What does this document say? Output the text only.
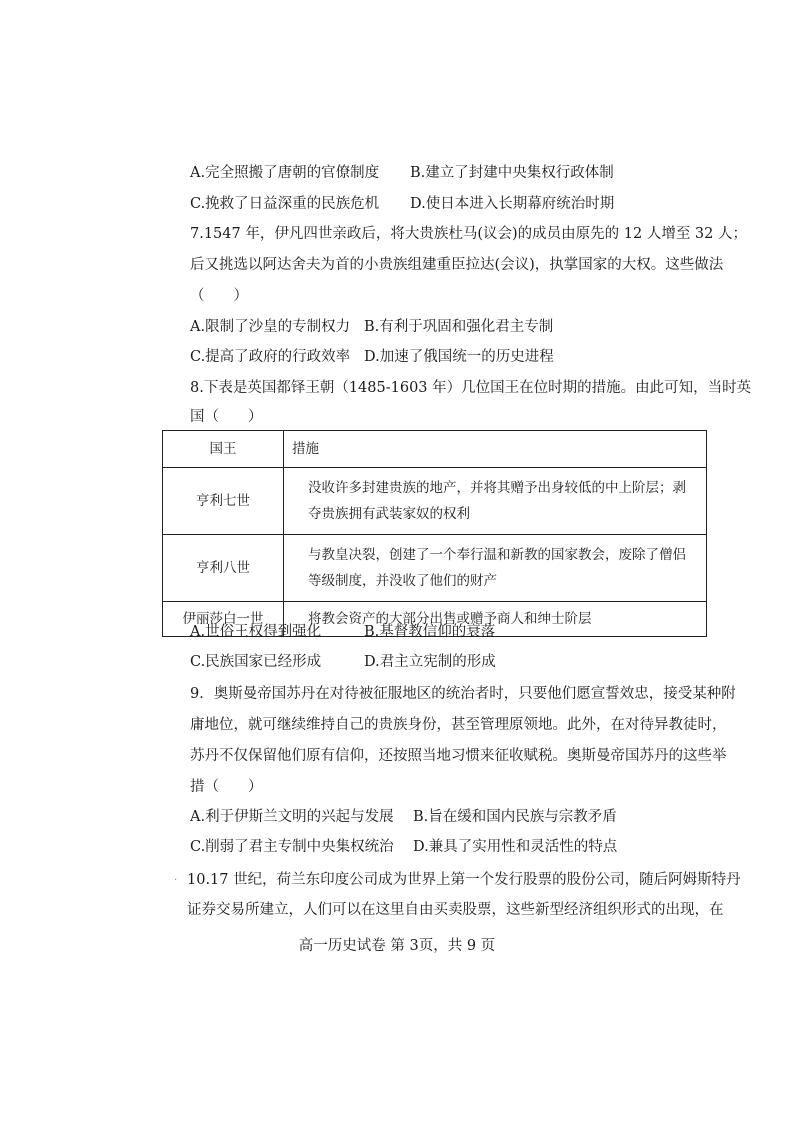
A.完全照搬了唐朝的官僚制度 B.建立了封建中央集权行政体制
C.挽救了日益深重的民族危机 D.使日本进入长期幕府统治时期
7.1547 年，伊凡四世亲政后，将大贵族杜马(议会)的成员由原先的 12 人增至 32 人；
后又挑选以阿达舍夫为首的小贵族组建重臣拉达(会议)，执掌国家的大权。这些做法
（　　）
A.限制了沙皇的专制权力 B.有利于巩固和强化君主专制
C.提高了政府的行政效率 D.加速了俄国统一的历史进程
8.下表是英国都铎王朝（1485-1603 年）几位国王在位时期的措施。由此可知，当时英
国（　　）
国王	措施
亨利七世	没收许多封建贵族的地产，并将其赠予出身较低的中上阶层；剥夺贵族拥有武装家奴的权利
亨利八世	与教皇决裂，创建了一个奉行温和新教的国家教会，废除了僧侣等级制度，并没收了他们的财产
伊丽莎白一世	将教会资产的大部分出售或赠予商人和绅士阶层
A.世俗王权得到强化	B.基督教信仰的衰落
C.民族国家已经形成	D.君主立宪制的形成
9．奥斯曼帝国苏丹在对待被征服地区的统治者时，只要他们愿宣誓效忠，接受某种附
庸地位，就可继续维持自己的贵族身份，甚至管理原领地。此外，在对待异教徒时，
苏丹不仅保留他们原有信仰，还按照当地习惯来征收赋税。奥斯曼帝国苏丹的这些举
措（　　）
A.利于伊斯兰文明的兴起与发展 B.旨在缓和国内民族与宗教矛盾
C.削弱了君主专制中央集权统治 D.兼具了实用性和灵活性的特点
· 10.17 世纪，荷兰东印度公司成为世界上第一个发行股票的股份公司，随后阿姆斯特丹
证券交易所建立，人们可以在这里自由买卖股票，这些新型经济组织形式的出现，在
高一历史试卷 第 3页，共 9 页
